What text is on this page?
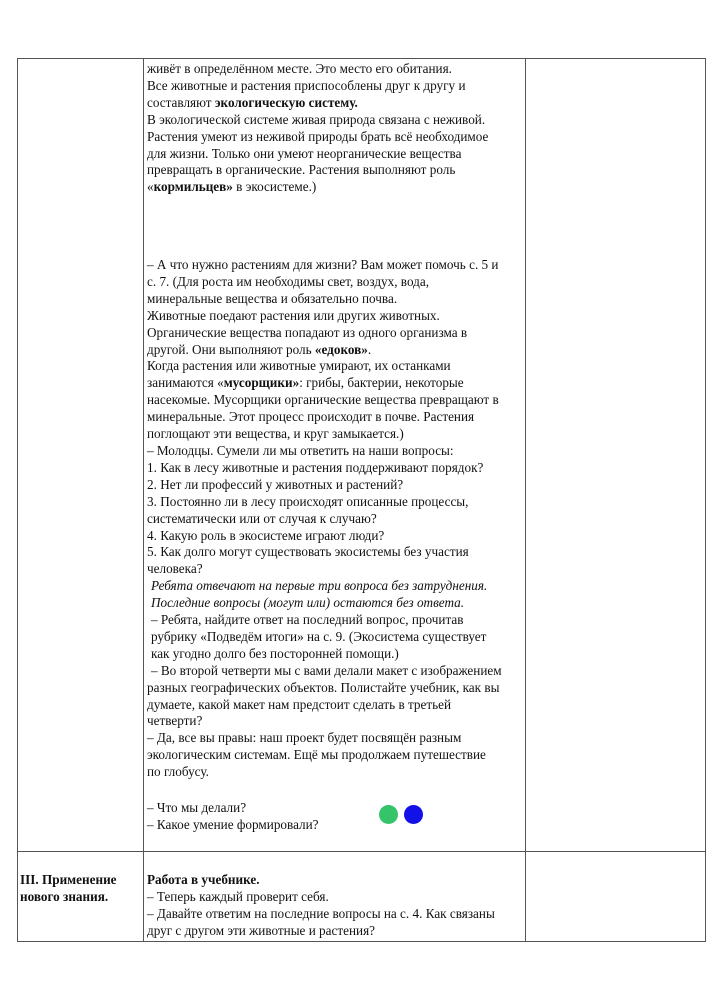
живёт в определённом месте. Это место его обитания.
Все животные и растения приспособлены друг к другу и
составляют экологическую систему.
В экологической системе живая природа связана с неживой.
Растения умеют из неживой природы брать всё необходимое
для жизни. Только они умеют неорганические вещества
превращать в органические. Растения выполняют роль
«кормильцев» в экосистеме.)
– А что нужно растениям для жизни? Вам может помочь с. 5 и
с. 7. (Для роста им необходимы свет, воздух, вода,
минеральные вещества и обязательно почва.
Животные поедают растения или других животных.
Органические вещества попадают из одного организма в
другой. Они выполняют роль «едоков».
Когда растения или животные умирают, их останками
занимаются «мусорщики»: грибы, бактерии, некоторые
насекомые. Мусорщики органические вещества превращают в
минеральные. Этот процесс происходит в почве. Растения
поглощают эти вещества, и круг замыкается.)
– Молодцы. Сумели ли мы ответить на наши вопросы:
1. Как в лесу животные и растения поддерживают порядок?
2. Нет ли профессий у животных и растений?
3. Постоянно ли в лесу происходят описанные процессы,
систематически или от случая к случаю?
4. Какую роль в экосистеме играют люди?
5. Как долго могут существовать экосистемы без участия
человека?
Ребята отвечают на первые три вопроса без затруднения.
Последние вопросы (могут или) остаются без ответа.
– Ребята, найдите ответ на последний вопрос, прочитав
рубрику «Подведём итоги» на с. 9. (Экосистема существует
как угодно долго без посторонней помощи.)
– Во второй четверти мы с вами делали макет с изображением
разных географических объектов. Полистайте учебник, как вы
думаете, какой макет нам предстоит сделать в третьей
четверти?
– Да, все вы правы: наш проект будет посвящён разным
экологическим системам. Ещё мы продолжаем путешествие
по глобусу.
– Что мы делали?
– Какое умение формировали?
III. Применение
нового знания.
Работа в учебнике.
– Теперь каждый проверит себя.
– Давайте ответим на последние вопросы на с. 4. Как связаны
друг с другом эти животные и растения?
